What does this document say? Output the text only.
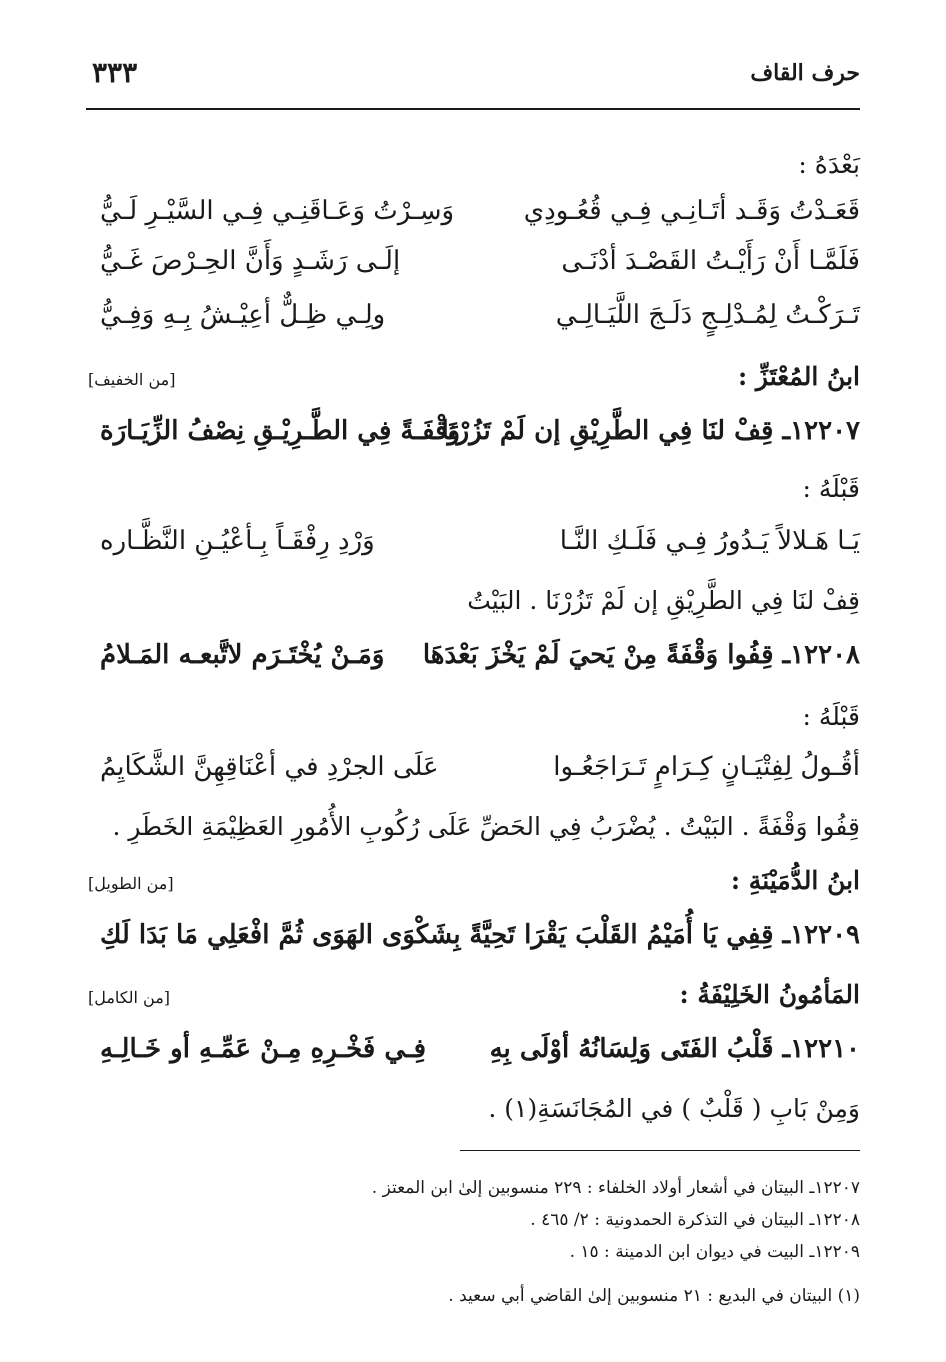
حرف القاف
٣٣٣
بَعْدَهُ :
قَعَـدْتُ وَقَـد أتَـانِـي فِـي قُعُـودِي
وَسِـرْتُ وَعَـاقَنِـي فِـي السَّيْـرِ لَـيُّ
فَلَمَّـا أَنْ رَأَيْـتُ القَصْـدَ أدْنَـى
إلَـى رَشَـدٍ وَأَنَّ الحِـرْصَ غَـيُّ
تَـرَكْـتُ لِمُـدْلِـجٍ دَلَـجَ اللَّيَـالِـي
ولِـي ظِـلٌّ أعِيْـشُ بِـهِ وَفِـيُّ
ابنُ المُعْتَزِّ :
[من الخفيف]
١٢٢٠٧ـ قِفْ لنَا فِي الطَّرِيْقِ إن لَمْ تَزُرْنَا
وَقْفَـةً فِي الطَّـرِيْـقِ نِصْفُ الزِّيَـارَة
قَبْلَهُ :
يَـا هَـلالاً يَـدُورُ فِـي فَلَـكِ النَّـا
وَرْدِ رِفْقَـاً بِـأعْيُـنِ النَّظَّـاره
قِفْ لنَا فِي الطَّرِيْقِ إن لَمْ تَزُرْنَا . البَيْتُ
١٢٢٠٨ـ قِفُوا وَقْفَةً مِنْ يَحيَ لَمْ يَخْزَ بَعْدَهَا
وَمَـنْ يُخْتَـرَم لاتَّبعـه المَـلامُ
قَبْلَهُ :
أقُـولُ لِفِتْيَـانٍ كِـرَامٍ تَـرَاجَعُـوا
عَلَى الجرْدِ في أعْنَاقِهِنَّ الشَّكَايِمُ
قِفُوا وَقْفَةً . البَيْتُ . يُضْرَبُ فِي الحَضِّ عَلَى رُكُوبِ الأُمُورِ العَظِيْمَةِ الخَطَرِ .
ابنُ الدُّمَيْنَةِ :
[من الطويل]
١٢٢٠٩ـ قِفِي يَا أُمَيْمُ القَلْبَ يَقْرَا تَحِيَّةً
بِشَكْوَى الهَوَى ثُمَّ افْعَلِي مَا بَدَا لَكِ
المَأمُونُ الخَلِيْفَةُ :
[من الكامل]
١٢٢١٠ـ قَلْبُ الفَتَى وَلِسَانُهُ أوْلَى بِهِ
فِـي فَخْـرِهِ مِـنْ عَمِّـهِ أو خَـالِـهِ
وَمِنْ بَابِ ( قَلْبٌ ) في المُجَانَسَةِ(١) .
١٢٢٠٧ـ البيتان في أشعار أولاد الخلفاء : ٢٢٩ منسوبين إلىٰ ابن المعتز .
١٢٢٠٨ـ البيتان في التذكرة الحمدونية : ٢/ ٤٦٥ .
١٢٢٠٩ـ البيت في ديوان ابن الدمينة : ١٥ .
(١) البيتان في البديع : ٢١ منسوبين إلىٰ القاضي أبي سعيد .
